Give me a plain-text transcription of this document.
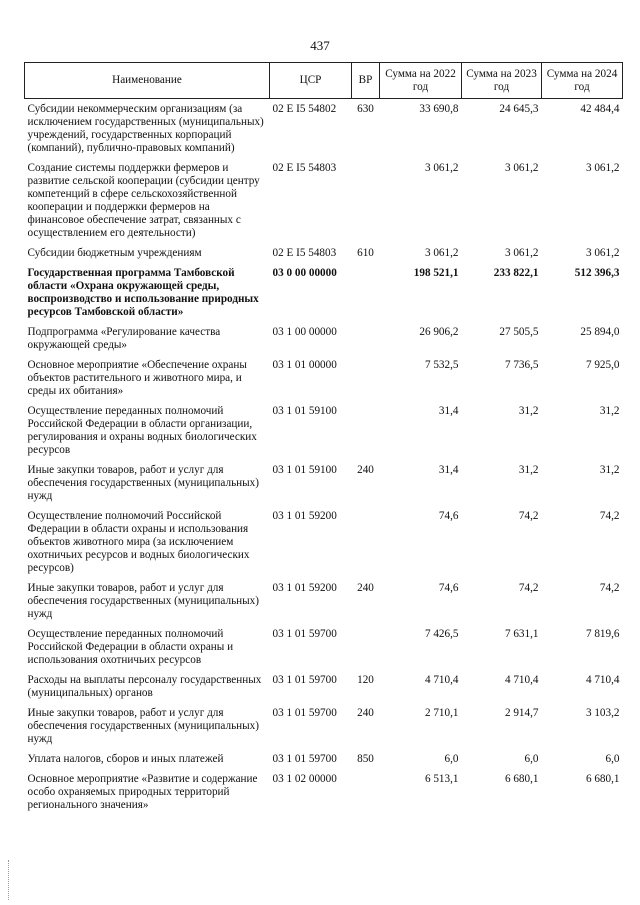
437
Наименование	ЦСР	ВР	Сумма на 2022 год	Сумма на 2023 год	Сумма на 2024 год
Субсидии некоммерческим организациям (за исключением государственных (муниципальных) учреждений, государственных корпораций (компаний), публично-правовых компаний)	02 E I5 54802	630	33 690,8	24 645,3	42 484,4
Создание системы поддержки фермеров и развитие сельской кооперации (субсидии центру компетенций в сфере сельскохозяйственной кооперации и поддержки фермеров на финансовое обеспечение затрат, связанных с осуществлением его деятельности)	02 E I5 54803		3 061,2	3 061,2	3 061,2
Субсидии бюджетным учреждениям	02 E I5 54803	610	3 061,2	3 061,2	3 061,2
Государственная программа Тамбовской области «Охрана окружающей среды, воспроизводство и использование природных ресурсов Тамбовской области»	03 0 00 00000		198 521,1	233 822,1	512 396,3
Подпрограмма «Регулирование качества окружающей среды»	03 1 00 00000		26 906,2	27 505,5	25 894,0
Основное мероприятие «Обеспечение охраны объектов растительного и животного мира, и среды их обитания»	03 1 01 00000		7 532,5	7 736,5	7 925,0
Осуществление переданных полномочий Российской Федерации в области организации, регулирования и охраны водных биологических ресурсов	03 1 01 59100		31,4	31,2	31,2
Иные закупки товаров, работ и услуг для обеспечения государственных (муниципальных) нужд	03 1 01 59100	240	31,4	31,2	31,2
Осуществление полномочий Российской Федерации в области охраны и использования объектов животного мира (за исключением охотничьих ресурсов и водных биологических ресурсов)	03 1 01 59200		74,6	74,2	74,2
Иные закупки товаров, работ и услуг для обеспечения государственных (муниципальных) нужд	03 1 01 59200	240	74,6	74,2	74,2
Осуществление переданных полномочий Российской Федерации в области охраны и использования охотничьих ресурсов	03 1 01 59700		7 426,5	7 631,1	7 819,6
Расходы на выплаты персоналу государственных (муниципальных) органов	03 1 01 59700	120	4 710,4	4 710,4	4 710,4
Иные закупки товаров, работ и услуг для обеспечения государственных (муниципальных) нужд	03 1 01 59700	240	2 710,1	2 914,7	3 103,2
Уплата налогов, сборов и иных платежей	03 1 01 59700	850	6,0	6,0	6,0
Основное мероприятие «Развитие и содержание особо охраняемых природных территорий регионального значения»	03 1 02 00000		6 513,1	6 680,1	6 680,1
